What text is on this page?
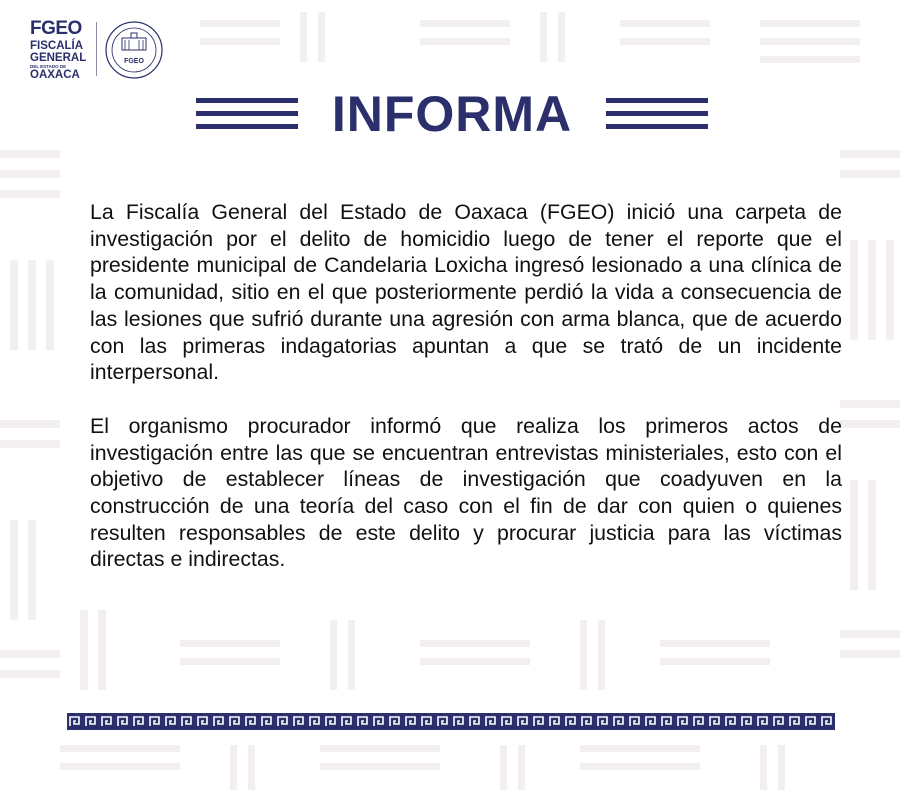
FGEO
FISCALÍA
GENERAL
DEL ESTADO DE
OAXACA
FGEO
INFORMA

La Fiscalía General del Estado de Oaxaca (FGEO) inició una carpeta de investigación por el delito de homicidio luego de tener el reporte que el presidente municipal de Candelaria Loxicha ingresó lesionado a una clínica de la comunidad, sitio en el que posteriormente perdió la vida a consecuencia de las lesiones que sufrió durante una agresión con arma blanca, que de acuerdo con las primeras indagatorias apuntan a que se trató de un incidente interpersonal.

El organismo procurador informó que realiza los primeros actos de investigación entre las que se encuentran entrevistas ministeriales, esto con el objetivo de establecer líneas de investigación que coadyuven en la construcción de una teoría del caso con el fin de dar con quien o quienes resulten responsables de este delito y procurar justicia para las víctimas directas e indirectas.
